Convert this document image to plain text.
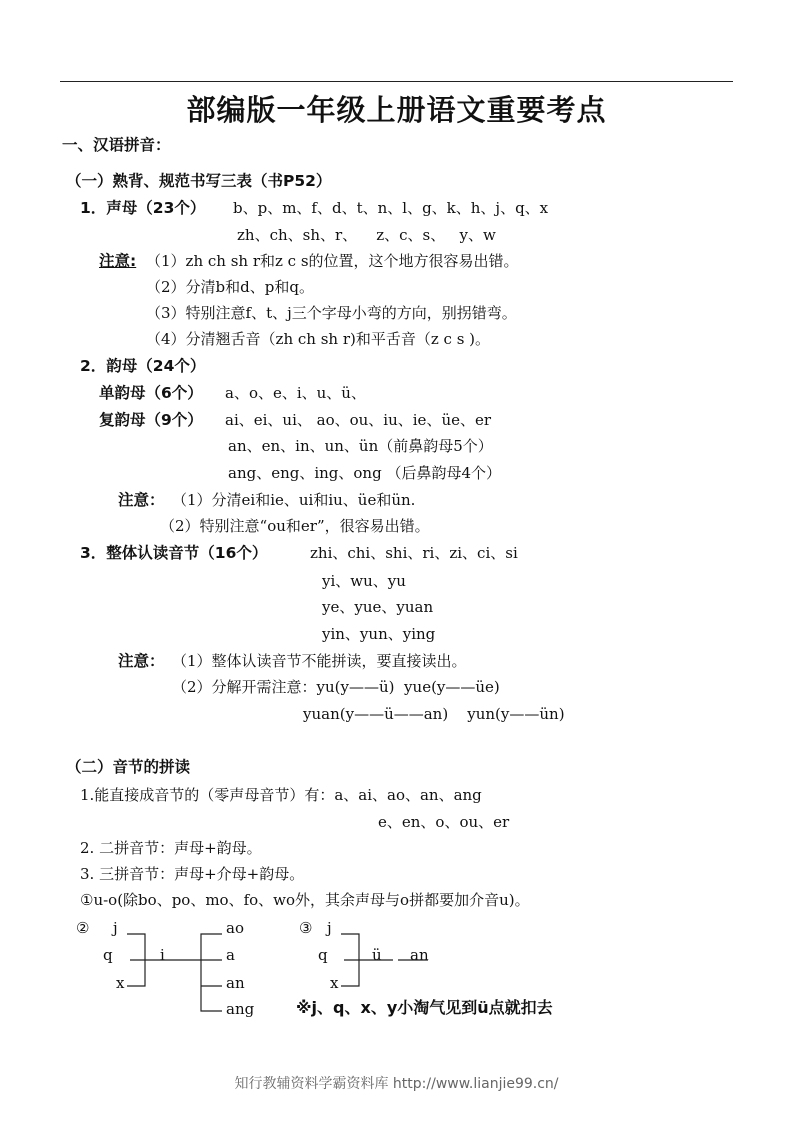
部编版一年级上册语文重要考点
一、汉语拼音：
（一）熟背、规范书写三表（书P52）
1．声母（23个） b、p、m、f、d、t、n、l、g、k、h、j、q、x
zh、ch、sh、r、    z、c、s、   y、w
注意: （1）zh ch sh r和z c s的位置，这个地方很容易出错。
（2）分清b和d、p和q。
（3）特别注意f、t、j三个字母小弯的方向，别拐错弯。
（4）分清翘舌音（zh ch sh r)和平舌音（z c s )。
2．韵母（24个）
单韵母（6个） a、o、e、i、u、ü、
复韵母（9个） ai、ei、ui、 ao、ou、iu、ie、üe、er
an、en、in、un、ün（前鼻韵母5个）
ang、eng、ing、ong （后鼻韵母4个）
注意： （1）分清ei和ie、ui和iu、üe和ün.
（2）特别注意“ou和er”，很容易出错。
3．整体认读音节（16个）	zhi、chi、shi、ri、zi、ci、si
yi、wu、yu
ye、yue、yuan
yin、yun、ying
注意： （1）整体认读音节不能拼读，要直接读出。
（2）分解开需注意：yu(y——ü)  yue(y——üe)
yuan(y——ü——an)    yun(y——ün)
（二）音节的拼读
1.能直接成音节的（零声母音节）有：a、ai、ao、an、ang
e、en、o、ou、er
2. 二拼音节：声母+韵母。
3. 三拼音节：声母+介母+韵母。
①u-o(除bo、po、mo、fo、wo外，其余声母与o拼都要加介音u)。
② j
q
x
i
ao
a
an
ang
③ j
q
x
ü an
※j、q、x、y小淘气见到ü点就扣去
知行教辅资料学霸资料库 http://www.lianjie99.cn/
